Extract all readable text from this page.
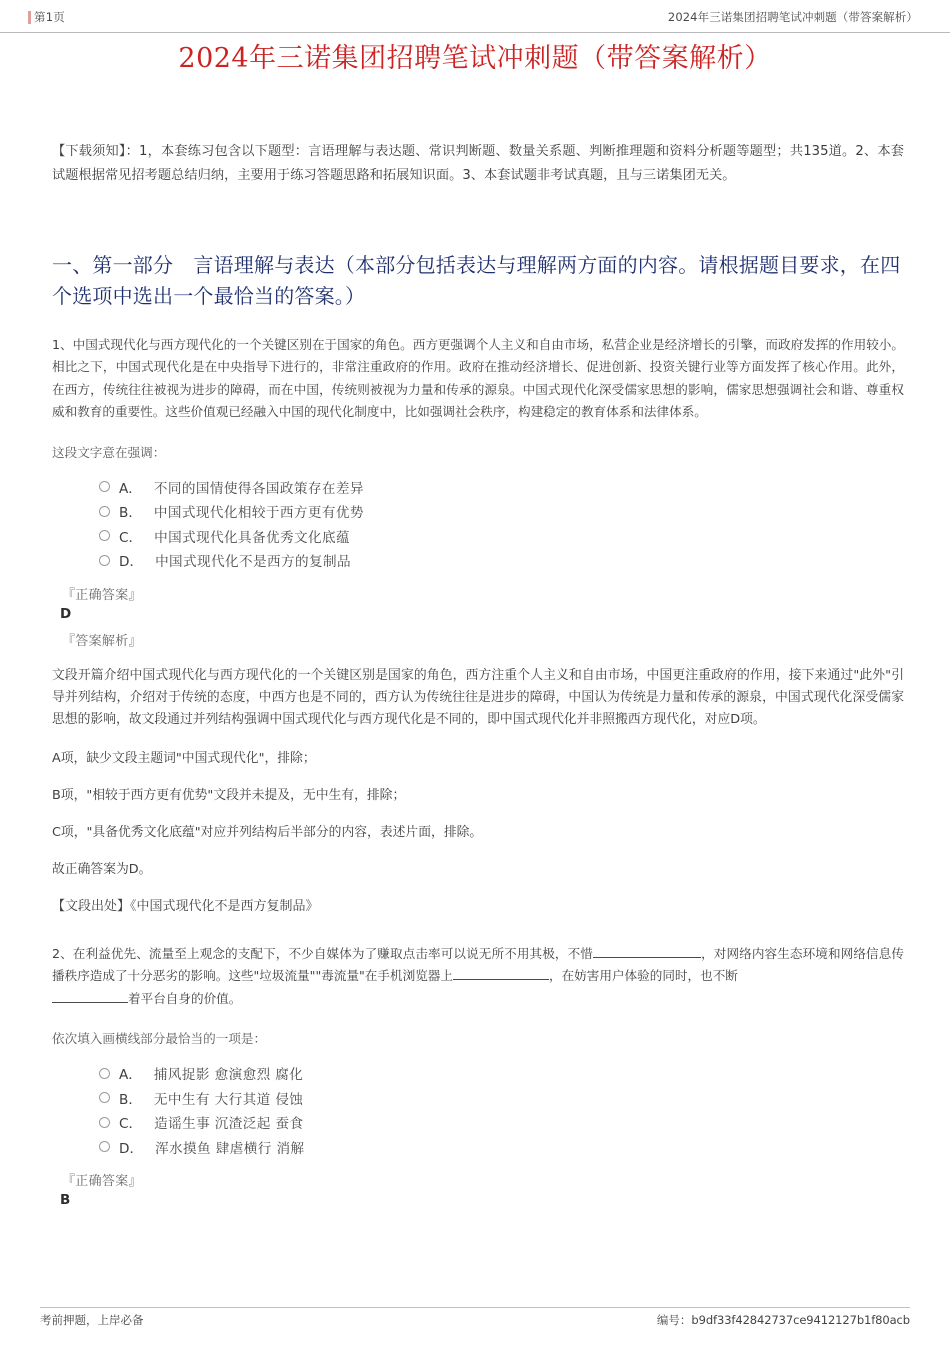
第1页	2024年三诺集团招聘笔试冲刺题（带答案解析）
2024年三诺集团招聘笔试冲刺题（带答案解析）
【下载须知】：1，本套练习包含以下题型：言语理解与表达题、常识判断题、数量关系题、判断推理题和资料分析题等题型；共135道。2、本套试题根据常见招考题总结归纳，主要用于练习答题思路和拓展知识面。3、本套试题非考试真题，且与三诺集团无关。
一、第一部分　言语理解与表达（本部分包括表达与理解两方面的内容。请根据题目要求，在四个选项中选出一个最恰当的答案。）
1、中国式现代化与西方现代化的一个关键区别在于国家的角色。西方更强调个人主义和自由市场，私营企业是经济增长的引擎，而政府发挥的作用较小。相比之下，中国式现代化是在中央指导下进行的，非常注重政府的作用。政府在推动经济增长、促进创新、投资关键行业等方面发挥了核心作用。此外，在西方，传统往往被视为进步的障碍，而在中国，传统则被视为力量和传承的源泉。中国式现代化深受儒家思想的影响，儒家思想强调社会和谐、尊重权威和教育的重要性。这些价值观已经融入中国的现代化制度中，比如强调社会秩序，构建稳定的教育体系和法律体系。
这段文字意在强调：
A． 不同的国情使得各国政策存在差异
B． 中国式现代化相较于西方更有优势
C． 中国式现代化具备优秀文化底蕴
D． 中国式现代化不是西方的复制品
『正确答案』
D
『答案解析』
文段开篇介绍中国式现代化与西方现代化的一个关键区别是国家的角色，西方注重个人主义和自由市场，中国更注重政府的作用，接下来通过"此外"引导并列结构，介绍对于传统的态度，中西方也是不同的，西方认为传统往往是进步的障碍，中国认为传统是力量和传承的源泉，中国式现代化深受儒家思想的影响，故文段通过并列结构强调中国式现代化与西方现代化是不同的，即中国式现代化并非照搬西方现代化，对应D项。
A项，缺少文段主题词"中国式现代化"，排除；
B项，"相较于西方更有优势"文段并未提及，无中生有，排除；
C项，"具备优秀文化底蕴"对应并列结构后半部分的内容，表述片面，排除。
故正确答案为D。
【文段出处】《中国式现代化不是西方复制品》
2、在利益优先、流量至上观念的支配下，不少自媒体为了赚取点击率可以说无所不用其极，不惜	，对网络内容生态环境和网络信息传播秩序造成了十分恶劣的影响。这些"垃圾流量""毒流量"在手机浏览器上	，在妨害用户体验的同时，也不断
着平台自身的价值。
依次填入画横线部分最恰当的一项是：
A． 捕风捉影 愈演愈烈 腐化
B． 无中生有 大行其道 侵蚀
C． 造谣生事 沉渣泛起 蚕食
D． 浑水摸鱼 肆虐横行 消解
『正确答案』
B
考前押题，上岸必备	编号：b9df33f42842737ce9412127b1f80acb
